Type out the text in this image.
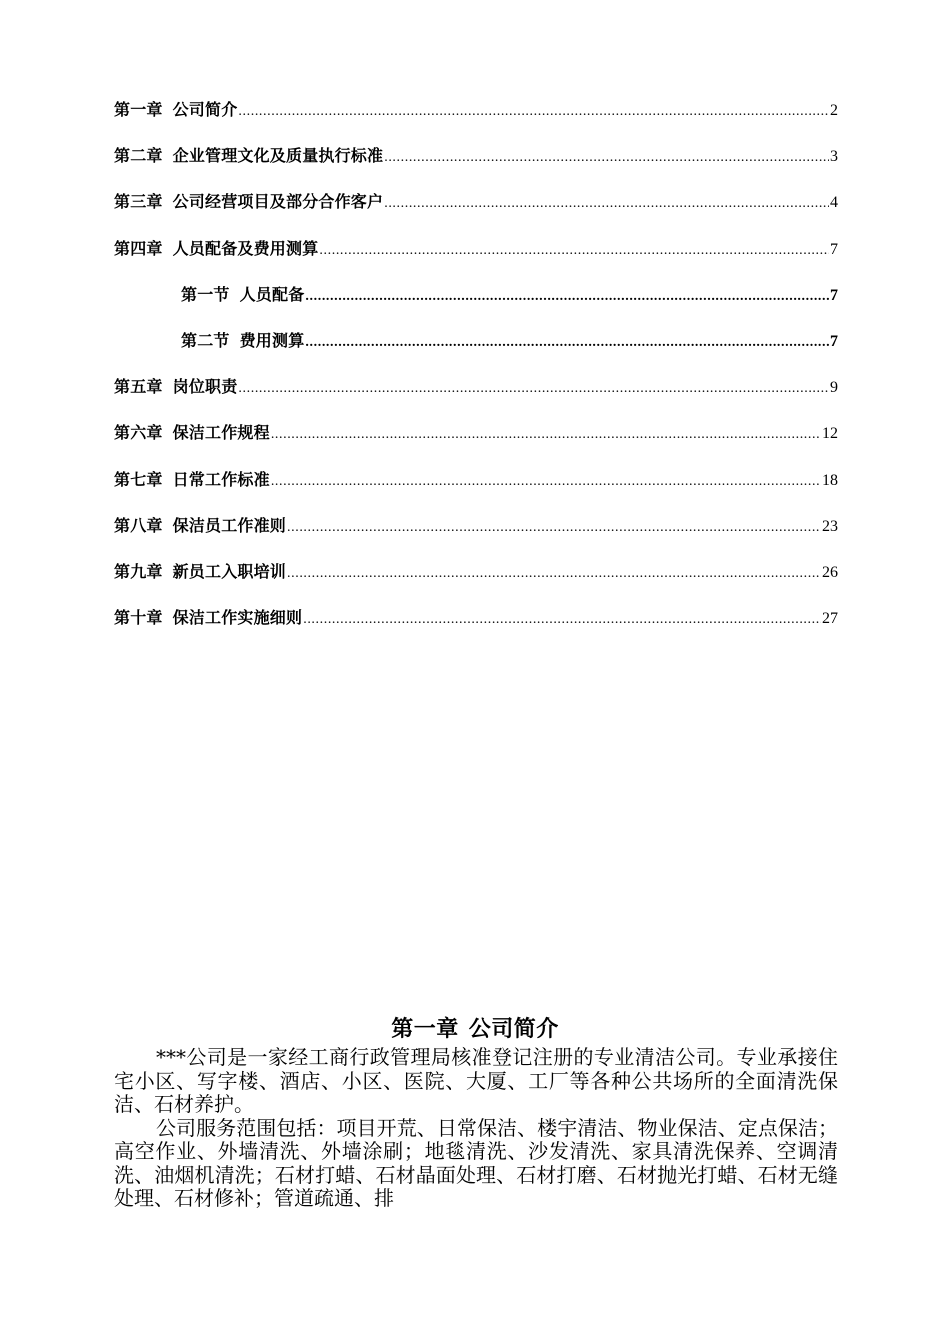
第一章 公司简介 .....	2
第二章 企业管理文化及质量执行标准 .....	3
第三章 公司经营项目及部分合作客户 .....	4
第四章 人员配备及费用测算 .....	7
第一节 人员配备 .....	7
第二节 费用测算 .....	7
第五章 岗位职责 .....	9
第六章 保洁工作规程 .....	12
第七章 日常工作标准 .....	18
第八章 保洁员工作准则 .....	23
第九章 新员工入职培训 .....	26
第十章 保洁工作实施细则 .....	27
第一章 公司简介

***公司是一家经工商行政管理局核准登记注册的专业清洁公司。专业承接住宅小区、写字楼、酒店、小区、医院、大厦、工厂等各种公共场所的全面清洗保洁、石材养护。

公司服务范围包括：项目开荒、日常保洁、楼宇清洁、物业保洁、定点保洁；高空作业、外墙清洗、外墙涂刷；地毯清洗、沙发清洗、家具清洗保养、空调清洗、油烟机清洗；石材打蜡、石材晶面处理、石材打磨、石材抛光打蜡、石材无缝处理、石材修补；管道疏通、排
